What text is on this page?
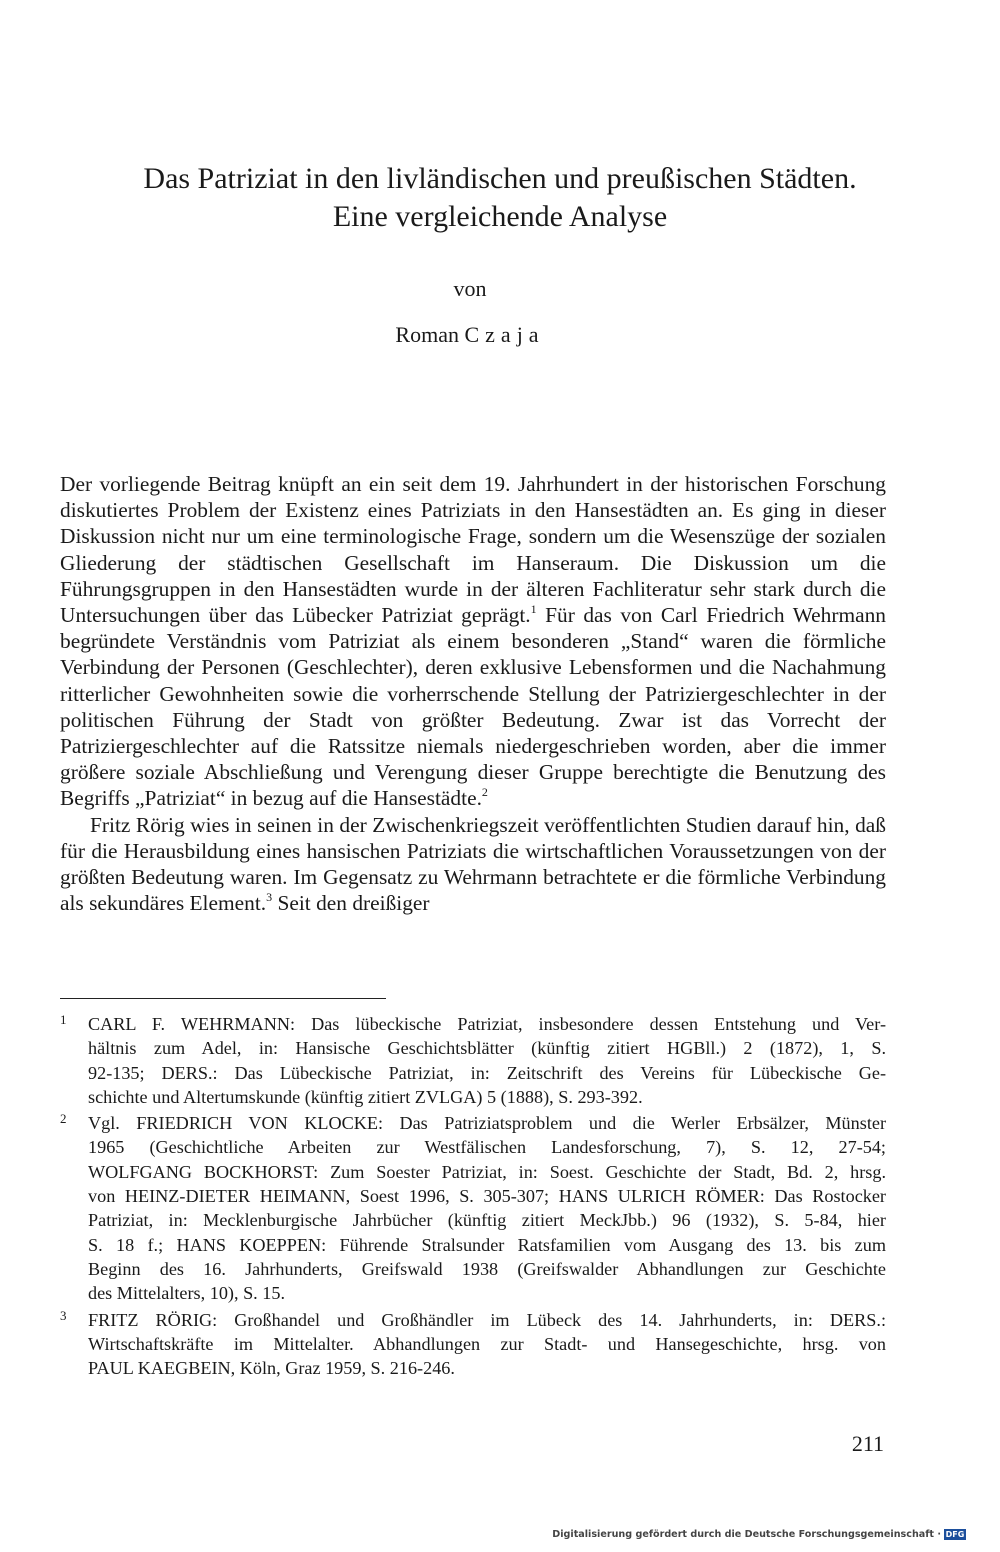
Das Patriziat in den livländischen und preußischen Städten.
Eine vergleichende Analyse
von
Roman Czaja

Der vorliegende Beitrag knüpft an ein seit dem 19. Jahrhundert in der historischen Forschung diskutiertes Problem der Existenz eines Patriziats in den Hansestädten an. Es ging in dieser Diskussion nicht nur um eine terminologische Frage, sondern um die Wesenszüge der sozialen Gliederung der städtischen Gesellschaft im Hanseraum. Die Diskussion um die Führungsgruppen in den Hansestädten wurde in der älteren Fachliteratur sehr stark durch die Untersuchungen über das Lübecker Patriziat geprägt.$^1$ Für das von Carl Friedrich Wehrmann begründete Verständnis vom Patriziat als einem besonderen „Stand“ waren die förmliche Verbindung der Personen (Geschlechter), deren exklusive Lebensformen und die Nachahmung ritterlicher Gewohnheiten sowie die vorherrschende Stellung der Patriziergeschlechter in der politischen Führung der Stadt von größter Bedeutung. Zwar ist das Vorrecht der Patriziergeschlechter auf die Ratssitze niemals niedergeschrieben worden, aber die immer größere soziale Abschließung und Verengung dieser Gruppe berechtigte die Benutzung des Begriffs „Patriziat“ in bezug auf die Hansestädte.$^2$

Fritz Rörig wies in seinen in der Zwischenkriegszeit veröffentlichten Studien darauf hin, daß für die Herausbildung eines hansischen Patriziats die wirtschaftlichen Voraussetzungen von der größten Bedeutung waren. Im Gegensatz zu Wehrmann betrachtete er die förmliche Verbindung als sekundäres Element.$^3$ Seit den dreißiger

1 CARL F. WEHRMANN: Das lübeckische Patriziat, insbesondere dessen Entstehung und Ver-
hältnis zum Adel, in: Hansische Geschichtsblätter (künftig zitiert HGBll.) 2 (1872), 1, S.
92-135; DERS.: Das Lübeckische Patriziat, in: Zeitschrift des Vereins für Lübeckische Ge-
schichte und Altertumskunde (künftig zitiert ZVLGA) 5 (1888), S. 293-392.
2 Vgl. FRIEDRICH VON KLOCKE: Das Patriziatsproblem und die Werler Erbsälzer, Münster
1965 (Geschichtliche Arbeiten zur Westfälischen Landesforschung, 7), S. 12, 27-54;
WOLFGANG BOCKHORST: Zum Soester Patriziat, in: Soest. Geschichte der Stadt, Bd. 2, hrsg.
von HEINZ-DIETER HEIMANN, Soest 1996, S. 305-307; HANS ULRICH RÖMER: Das Rostocker
Patriziat, in: Mecklenburgische Jahrbücher (künftig zitiert MeckJbb.) 96 (1932), S. 5-84, hier
S. 18 f.; HANS KOEPPEN: Führende Stralsunder Ratsfamilien vom Ausgang des 13. bis zum
Beginn des 16. Jahrhunderts, Greifswald 1938 (Greifswalder Abhandlungen zur Geschichte
des Mittelalters, 10), S. 15.
3 FRITZ RÖRIG: Großhandel und Großhändler im Lübeck des 14. Jahrhunderts, in: DERS.:
Wirtschaftskräfte im Mittelalter. Abhandlungen zur Stadt- und Hansegeschichte, hrsg. von
PAUL KAEGBEIN, Köln, Graz 1959, S. 216-246.
211
Digitalisierung gefördert durch die Deutsche Forschungsgemeinschaft · DFG
